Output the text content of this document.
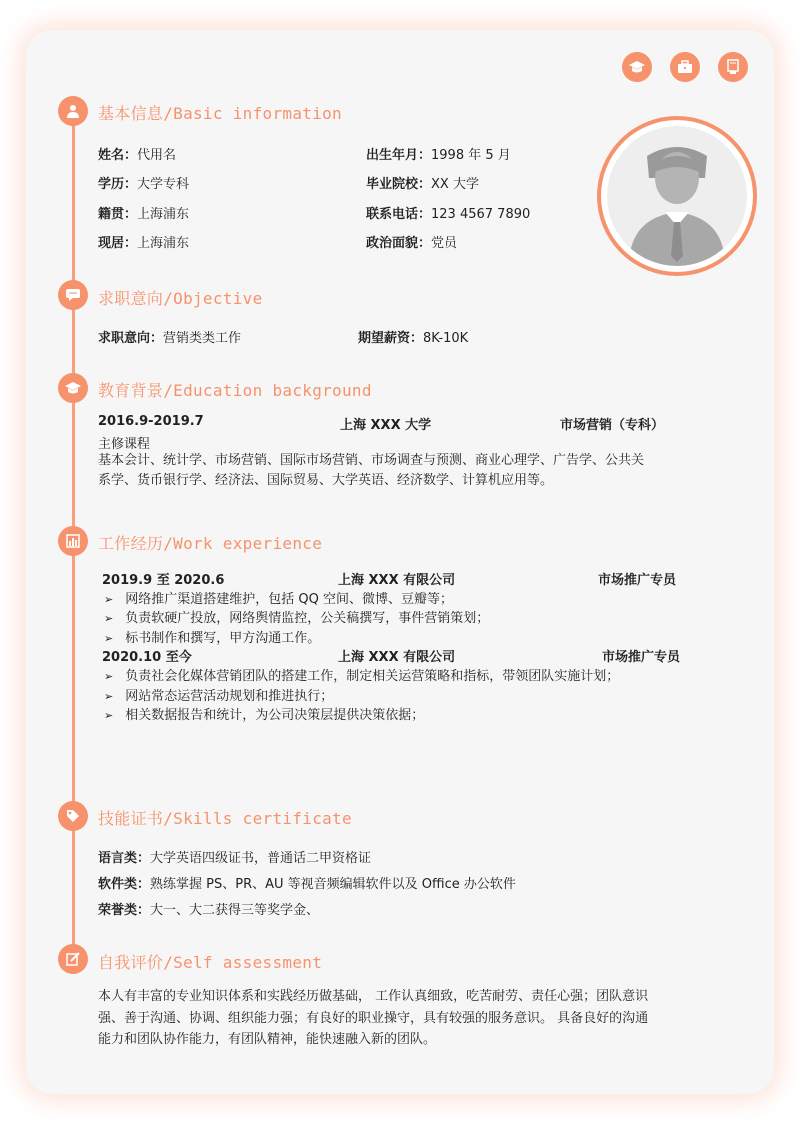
基本信息/Basic information
姓名：代用名	出生年月：1998 年 5 月
学历：大学专科	毕业院校：XX 大学
籍贯：上海浦东	联系电话：123 4567 7890
现居：上海浦东	政治面貌：党员
求职意向/Objective
求职意向：营销类类工作	期望薪资：8K-10K
教育背景/Education background
2016.9-2019.7	上海 XXX 大学	市场营销（专科）
主修课程
基本会计、统计学、市场营销、国际市场营销、市场调查与预测、商业心理学、广告学、公共关
系学、货币银行学、经济法、国际贸易、大学英语、经济数学、计算机应用等。
工作经历/Work experience
2019.9 至 2020.6	上海 XXX 有限公司	市场推广专员
➢ 网络推广渠道搭建维护，包括 QQ 空间、微博、豆瓣等；
➢ 负责软硬广投放，网络舆情监控，公关稿撰写，事件营销策划；
➢ 标书制作和撰写，甲方沟通工作。
2020.10 至今	上海 XXX 有限公司	市场推广专员
➢ 负责社会化媒体营销团队的搭建工作，制定相关运营策略和指标，带领团队实施计划；
➢ 网站常态运营活动规划和推进执行；
➢ 相关数据报告和统计，为公司决策层提供决策依据；
技能证书/Skills certificate
语言类：大学英语四级证书，普通话二甲资格证
软件类：熟练掌握 PS、PR、AU 等视音频编辑软件以及 Office 办公软件
荣誉类：大一、大二获得三等奖学金、
自我评价/Self assessment
本人有丰富的专业知识体系和实践经历做基础， 工作认真细致，吃苦耐劳、责任心强；团队意识
强、善于沟通、协调、组织能力强；有良好的职业操守，具有较强的服务意识。 具备良好的沟通
能力和团队协作能力，有团队精神，能快速融入新的团队。
